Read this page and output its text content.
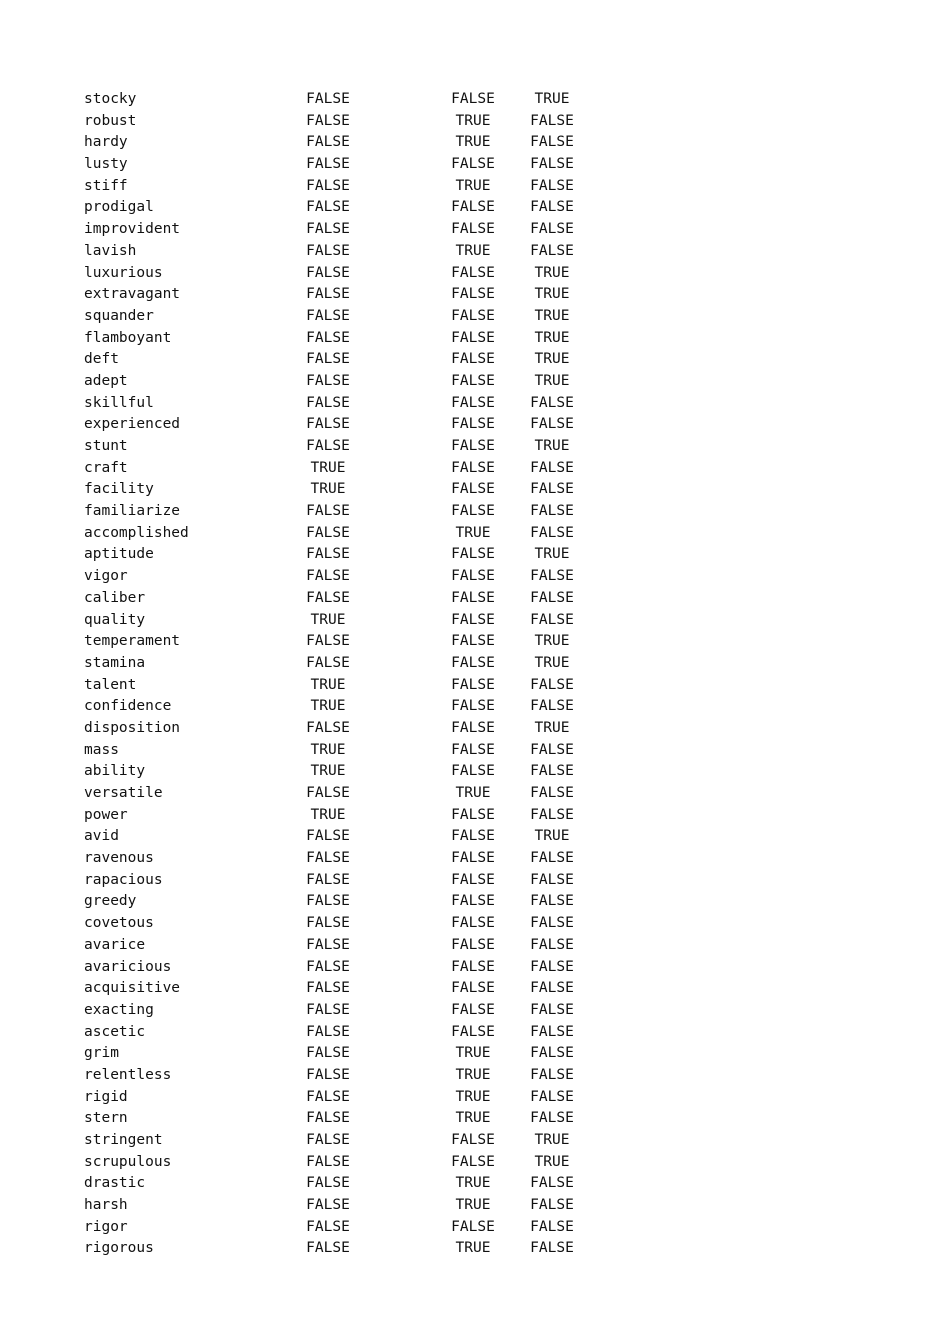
stocky	FALSE	FALSE	TRUE
robust	FALSE	TRUE	FALSE
hardy	FALSE	TRUE	FALSE
lusty	FALSE	FALSE	FALSE
stiff	FALSE	TRUE	FALSE
prodigal	FALSE	FALSE	FALSE
improvident	FALSE	FALSE	FALSE
lavish	FALSE	TRUE	FALSE
luxurious	FALSE	FALSE	TRUE
extravagant	FALSE	FALSE	TRUE
squander	FALSE	FALSE	TRUE
flamboyant	FALSE	FALSE	TRUE
deft	FALSE	FALSE	TRUE
adept	FALSE	FALSE	TRUE
skillful	FALSE	FALSE	FALSE
experienced	FALSE	FALSE	FALSE
stunt	FALSE	FALSE	TRUE
craft	TRUE	FALSE	FALSE
facility	TRUE	FALSE	FALSE
familiarize	FALSE	FALSE	FALSE
accomplished	FALSE	TRUE	FALSE
aptitude	FALSE	FALSE	TRUE
vigor	FALSE	FALSE	FALSE
caliber	FALSE	FALSE	FALSE
quality	TRUE	FALSE	FALSE
temperament	FALSE	FALSE	TRUE
stamina	FALSE	FALSE	TRUE
talent	TRUE	FALSE	FALSE
confidence	TRUE	FALSE	FALSE
disposition	FALSE	FALSE	TRUE
mass	TRUE	FALSE	FALSE
ability	TRUE	FALSE	FALSE
versatile	FALSE	TRUE	FALSE
power	TRUE	FALSE	FALSE
avid	FALSE	FALSE	TRUE
ravenous	FALSE	FALSE	FALSE
rapacious	FALSE	FALSE	FALSE
greedy	FALSE	FALSE	FALSE
covetous	FALSE	FALSE	FALSE
avarice	FALSE	FALSE	FALSE
avaricious	FALSE	FALSE	FALSE
acquisitive	FALSE	FALSE	FALSE
exacting	FALSE	FALSE	FALSE
ascetic	FALSE	FALSE	FALSE
grim	FALSE	TRUE	FALSE
relentless	FALSE	TRUE	FALSE
rigid	FALSE	TRUE	FALSE
stern	FALSE	TRUE	FALSE
stringent	FALSE	FALSE	TRUE
scrupulous	FALSE	FALSE	TRUE
drastic	FALSE	TRUE	FALSE
harsh	FALSE	TRUE	FALSE
rigor	FALSE	FALSE	FALSE
rigorous	FALSE	TRUE	FALSE
